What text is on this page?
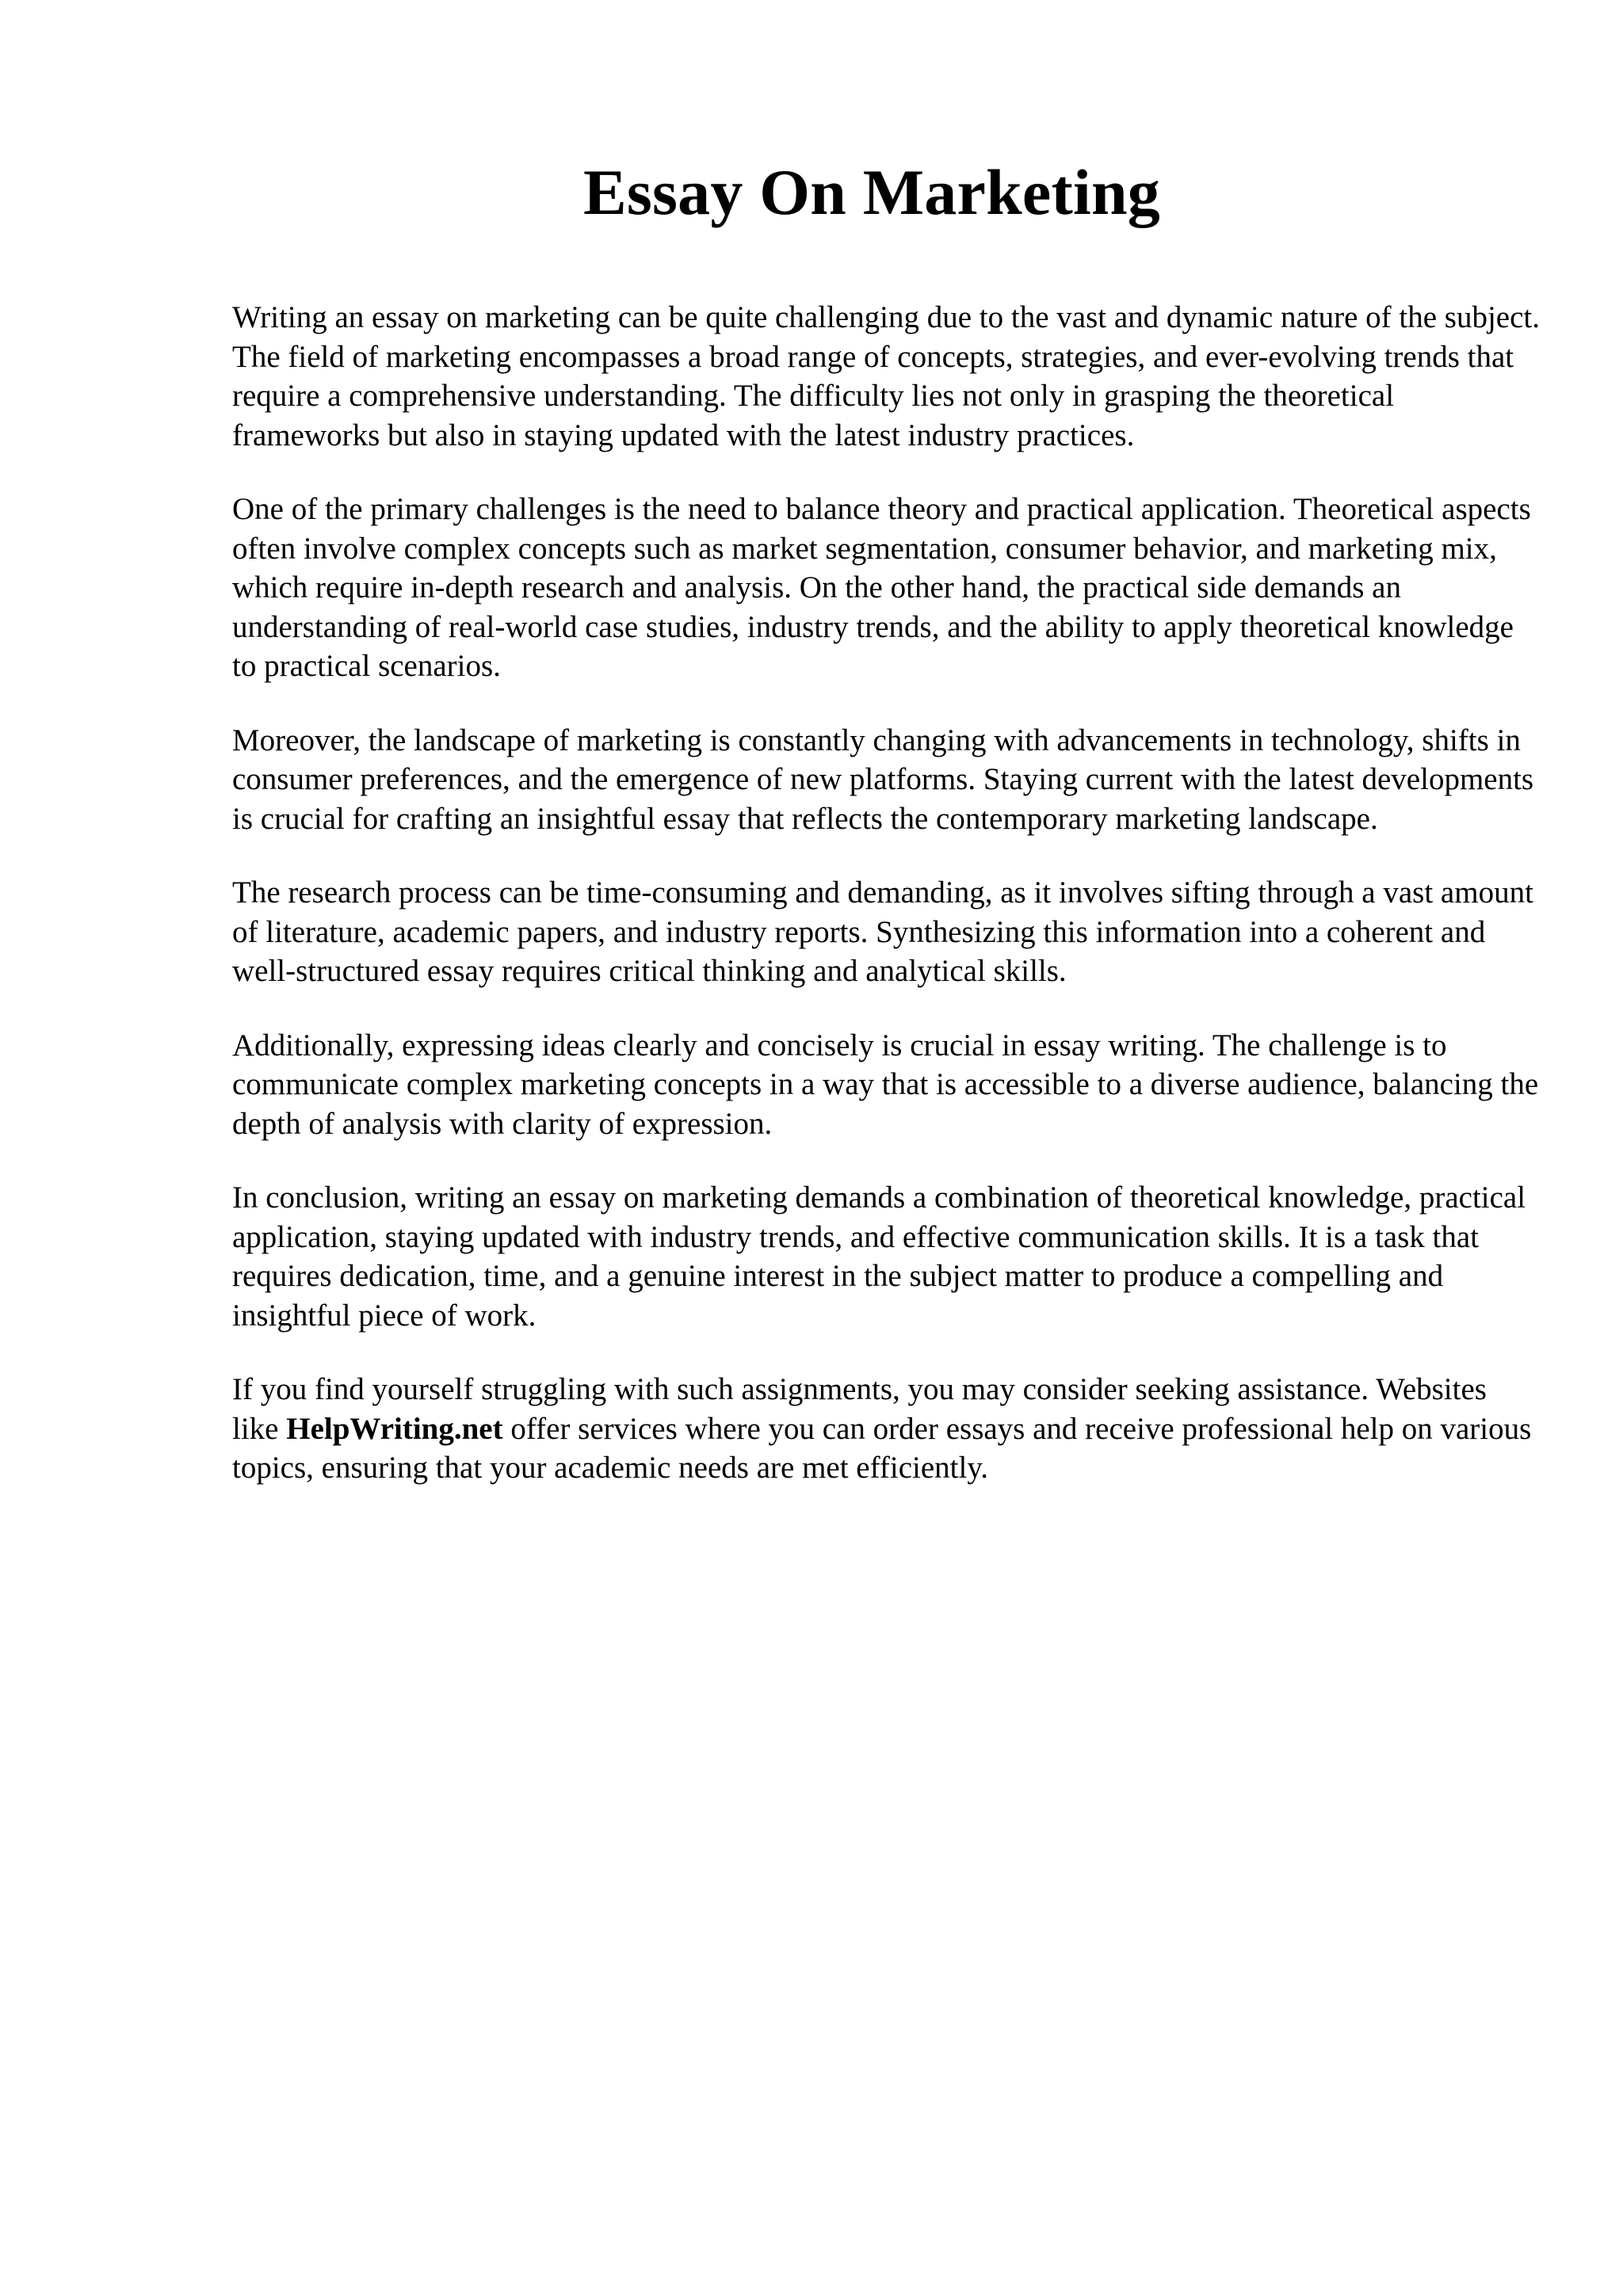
Essay On Marketing

Writing an essay on marketing can be quite challenging due to the vast and dynamic nature of the subject. The field of marketing encompasses a broad range of concepts, strategies, and ever-evolving trends that require a comprehensive understanding. The difficulty lies not only in grasping the theoretical frameworks but also in staying updated with the latest industry practices.

One of the primary challenges is the need to balance theory and practical application. Theoretical aspects often involve complex concepts such as market segmentation, consumer behavior, and marketing mix, which require in-depth research and analysis. On the other hand, the practical side demands an understanding of real-world case studies, industry trends, and the ability to apply theoretical knowledge to practical scenarios.

Moreover, the landscape of marketing is constantly changing with advancements in technology, shifts in consumer preferences, and the emergence of new platforms. Staying current with the latest developments is crucial for crafting an insightful essay that reflects the contemporary marketing landscape.

The research process can be time-consuming and demanding, as it involves sifting through a vast amount of literature, academic papers, and industry reports. Synthesizing this information into a coherent and well-structured essay requires critical thinking and analytical skills.

Additionally, expressing ideas clearly and concisely is crucial in essay writing. The challenge is to communicate complex marketing concepts in a way that is accessible to a diverse audience, balancing the depth of analysis with clarity of expression.

In conclusion, writing an essay on marketing demands a combination of theoretical knowledge, practical application, staying updated with industry trends, and effective communication skills. It is a task that requires dedication, time, and a genuine interest in the subject matter to produce a compelling and insightful piece of work.

If you find yourself struggling with such assignments, you may consider seeking assistance. Websites like HelpWriting.net offer services where you can order essays and receive professional help on various topics, ensuring that your academic needs are met efficiently.
